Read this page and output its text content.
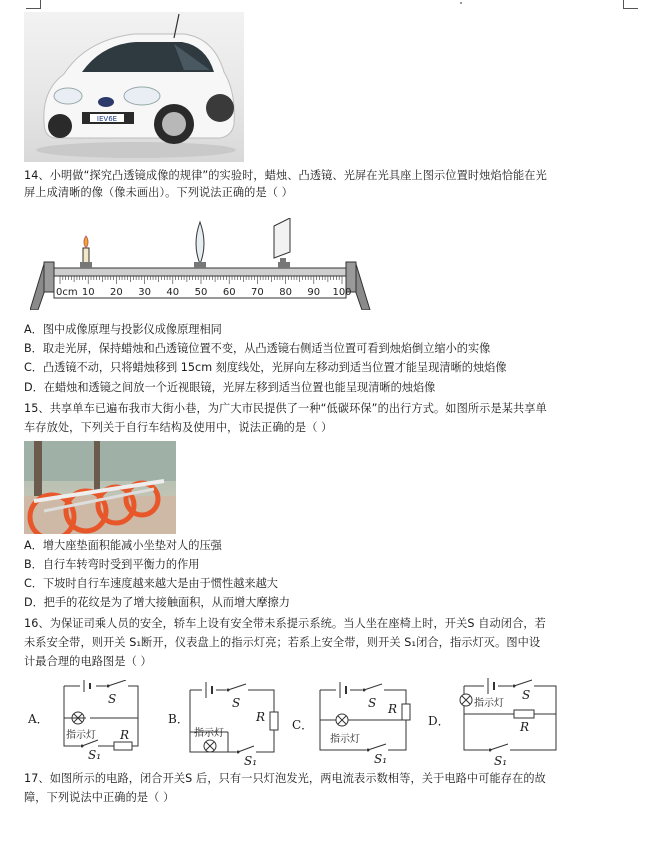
IEV6E
14、小明做“探究凸透镜成像的规律”的实验时，蜡烛、凸透镜、光屏在光具座上图示位置时烛焰恰能在光
屏上成清晰的像（像未画出）。下列说法正确的是（ ）
0cm 10 20 30 40 50 60 70 80 90 100
A．图中成像原理与投影仪成像原理相同
B．取走光屏，保持蜡烛和凸透镜位置不变，从凸透镜右侧适当位置可看到烛焰倒立缩小的实像
C．凸透镜不动，只将蜡烛移到 15cm 刻度线处，光屏向左移动到适当位置才能呈现清晰的烛焰像
D．在蜡烛和透镜之间放一个近视眼镜，光屏左移到适当位置也能呈现清晰的烛焰像
15、共享单车已遍布我市大街小巷，为广大市民提供了一种“低碳环保”的出行方式。如图所示是某共享单
车存放处，下列关于自行车结构及使用中，说法正确的是（ ）
A．增大座垫面积能减小坐垫对人的压强
B．自行车转弯时受到平衡力的作用
C．下坡时自行车速度越来越大是由于惯性越来越大
D．把手的花纹是为了增大接触面积，从而增大摩擦力
16、为保证司乘人员的安全，轿车上设有安全带未系提示系统。当人坐在座椅上时，开关S 自动闭合，若
未系安全带，则开关 S₁断开，仪表盘上的指示灯亮；若系上安全带，则开关 S₁闭合，指示灯灭。图中设
计最合理的电路图是（ ）
A．
S
指示灯 R
S₁
B．
S
R
指示灯
S₁
C．
S R
指示灯
S₁
D．
指示灯
S
R
S₁
17、如图所示的电路，闭合开关S 后，只有一只灯泡发光，两电流表示数相等，关于电路中可能存在的故
障，下列说法中正确的是（ ）
